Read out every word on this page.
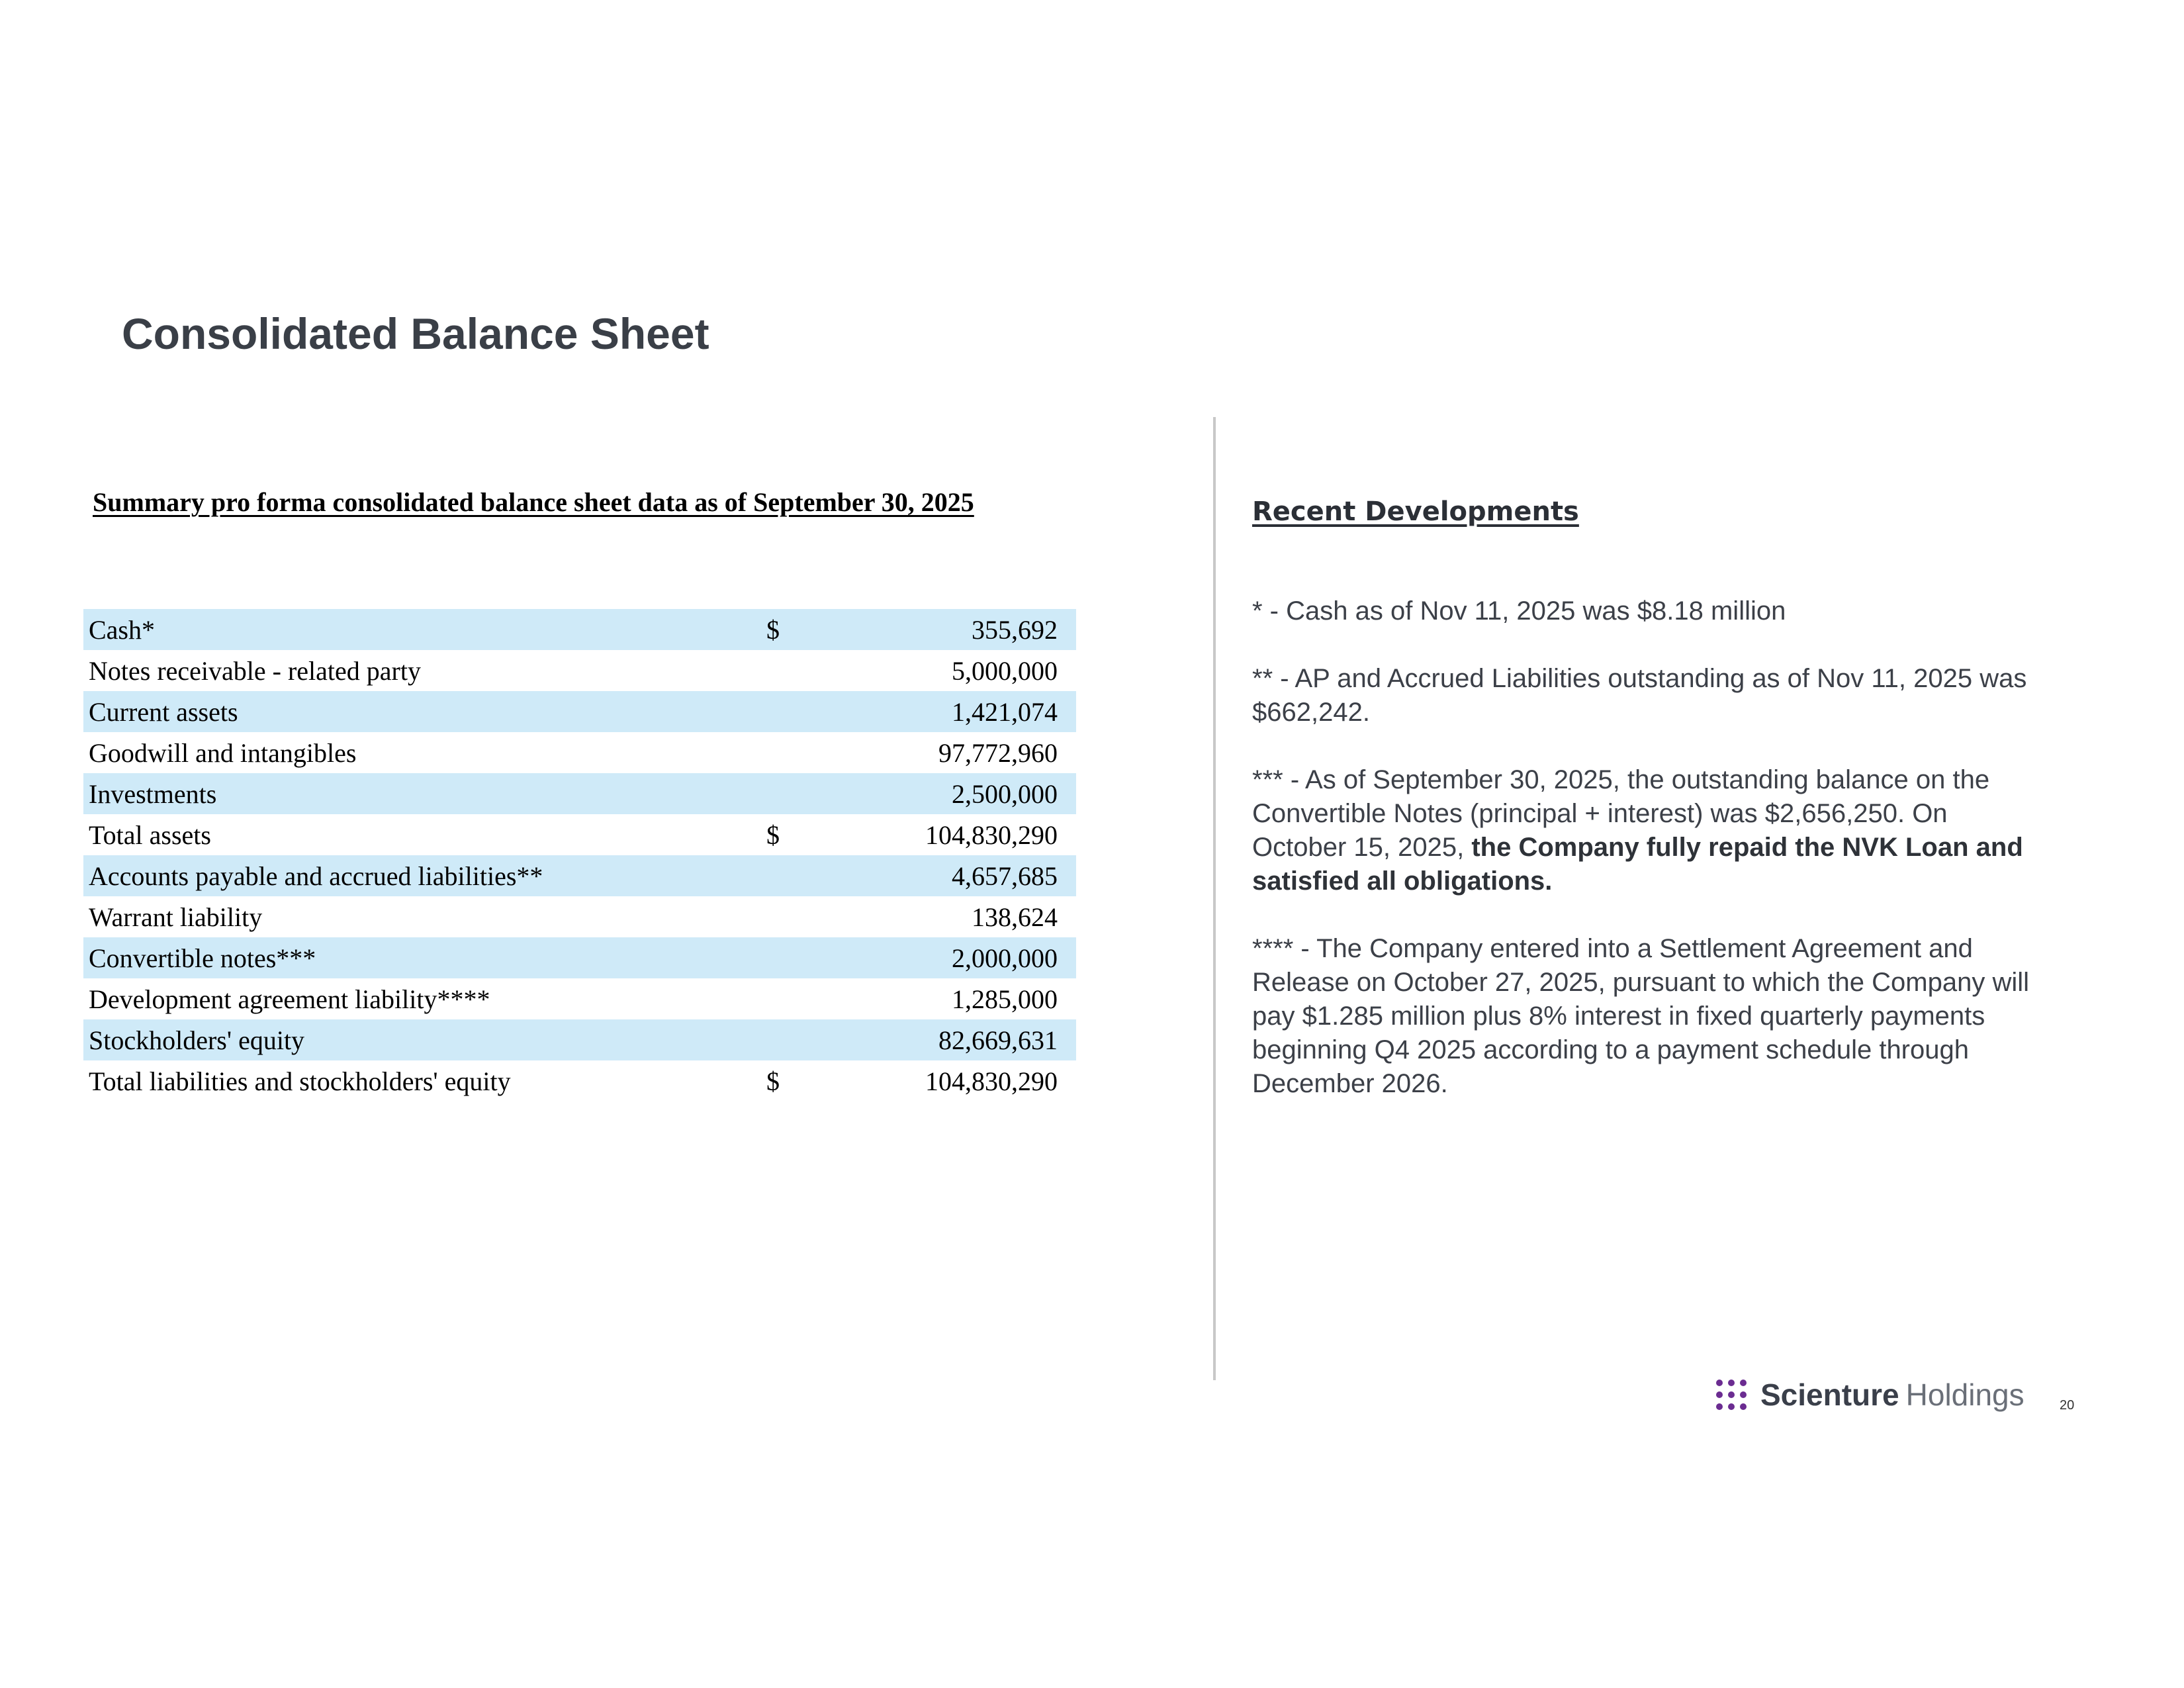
Consolidated Balance Sheet
Summary pro forma consolidated balance sheet data as of September 30, 2025
Cash*	$	355,692
Notes receivable - related party		5,000,000
Current assets		1,421,074
Goodwill and intangibles		97,772,960
Investments		2,500,000
Total assets	$	104,830,290
Accounts payable and accrued liabilities**		4,657,685
Warrant liability		138,624
Convertible notes***		2,000,000
Development agreement liability****		1,285,000
Stockholders' equity		82,669,631
Total liabilities and stockholders' equity	$	104,830,290
Recent Developments

* - Cash as of Nov 11, 2025 was $8.18 million

** - AP and Accrued Liabilities outstanding as of Nov 11, 2025 was $662,242.

*** - As of September 30, 2025, the outstanding balance on the Convertible Notes (principal + interest) was $2,656,250. On October 15, 2025, the Company fully repaid the NVK Loan and satisfied all obligations.

**** - The Company entered into a Settlement Agreement and Release on October 27, 2025, pursuant to which the Company will pay $1.285 million plus 8% interest in fixed quarterly payments beginning Q4 2025 according to a payment schedule through December 2026.

Scienture Holdings	20
